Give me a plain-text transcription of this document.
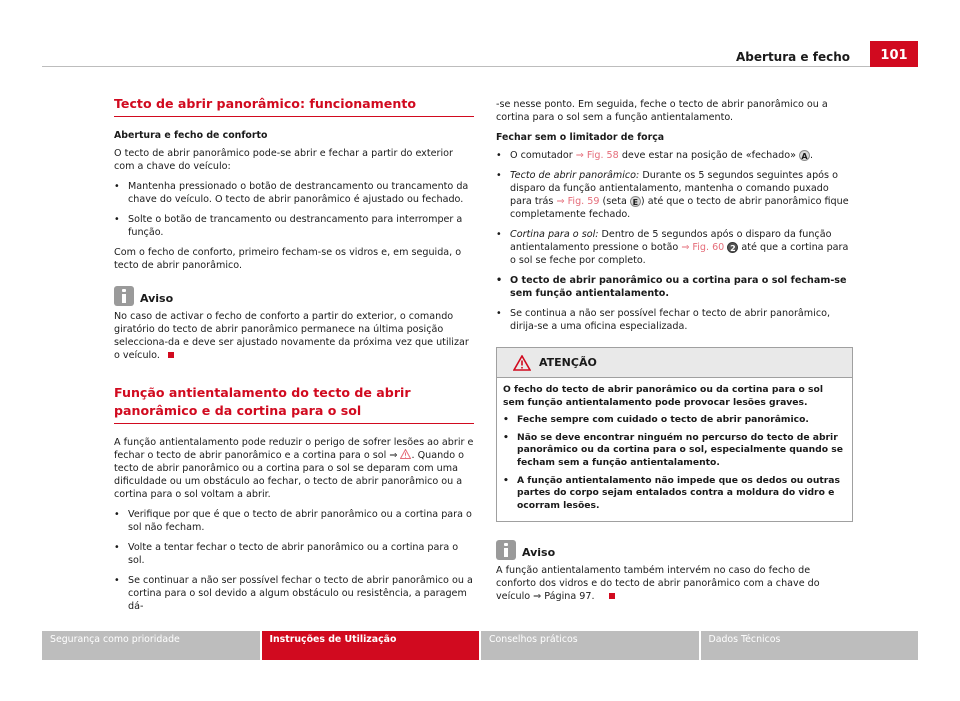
Abertura e fecho	101
Tecto de abrir panorâmico: funcionamento
Abertura e fecho de conforto

O tecto de abrir panorâmico pode-se abrir e fechar a partir do exterior com a chave do veículo:

• Mantenha pressionado o botão de destrancamento ou trancamento da chave do veículo. O tecto de abrir panorâmico é ajustado ou fechado.
• Solte o botão de trancamento ou destrancamento para interromper a função.

Com o fecho de conforto, primeiro fecham-se os vidros e, em seguida, o tecto de abrir panorâmico.

Aviso

No caso de activar o fecho de conforto a partir do exterior, o comando giratório do tecto de abrir panorâmico permanece na última posição selecciona-da e deve ser ajustado novamente da próxima vez que utilizar o veículo.

Função antientalamento do tecto de abrir panorâmico e da cortina para o sol

A função antientalamento pode reduzir o perigo de sofrer lesões ao abrir e fechar o tecto de abrir panorâmico e a cortina para o sol ⇒ . Quando o tecto de abrir panorâmico ou a cortina para o sol se deparam com uma dificuldade ou um obstáculo ao fechar, o tecto de abrir panorâmico ou a cortina para o sol voltam a abrir.

• Verifique por que é que o tecto de abrir panorâmico ou a cortina para o sol não fecham.
• Volte a tentar fechar o tecto de abrir panorâmico ou a cortina para o sol.
• Se continuar a não ser possível fechar o tecto de abrir panorâmico ou a cortina para o sol devido a algum obstáculo ou resistência, a paragem dá-

-se nesse ponto. Em seguida, feche o tecto de abrir panorâmico ou a cortina para o sol sem a função antientalamento.

Fechar sem o limitador de força
• O comutador ⇒ Fig. 58 deve estar na posição de «fechado» A .
• Tecto de abrir panorâmico: Durante os 5 segundos seguintes após o disparo da função antientalamento, mantenha o comando puxado para trás ⇒ Fig. 59 (seta E ) até que o tecto de abrir panorâmico fique completamente fechado.
• Cortina para o sol: Dentro de 5 segundos após o disparo da função antientalamento pressione o botão ⇒ Fig. 60 2 até que a cortina para o sol se feche por completo.
• O tecto de abrir panorâmico ou a cortina para o sol fecham-se sem função antientalamento.
• Se continua a não ser possível fechar o tecto de abrir panorâmico, dirija-se a uma oficina especializada.
ATENÇÃO

O fecho do tecto de abrir panorâmico ou da cortina para o sol sem função antientalamento pode provocar lesões graves.

• Feche sempre com cuidado o tecto de abrir panorâmico.
• Não se deve encontrar ninguém no percurso do tecto de abrir panorâmico ou da cortina para o sol, especialmente quando se fecham sem a função antientalamento.
• A função antientalamento não impede que os dedos ou outras partes do corpo sejam entalados contra a moldura do vidro e ocorram lesões.
Aviso

A função antientalamento também intervém no caso do fecho de conforto dos vidros e do tecto de abrir panorâmico com a chave do veículo ⇒ Página 97.

Segurança como prioridade	Instruções de Utilização	Conselhos práticos	Dados Técnicos
